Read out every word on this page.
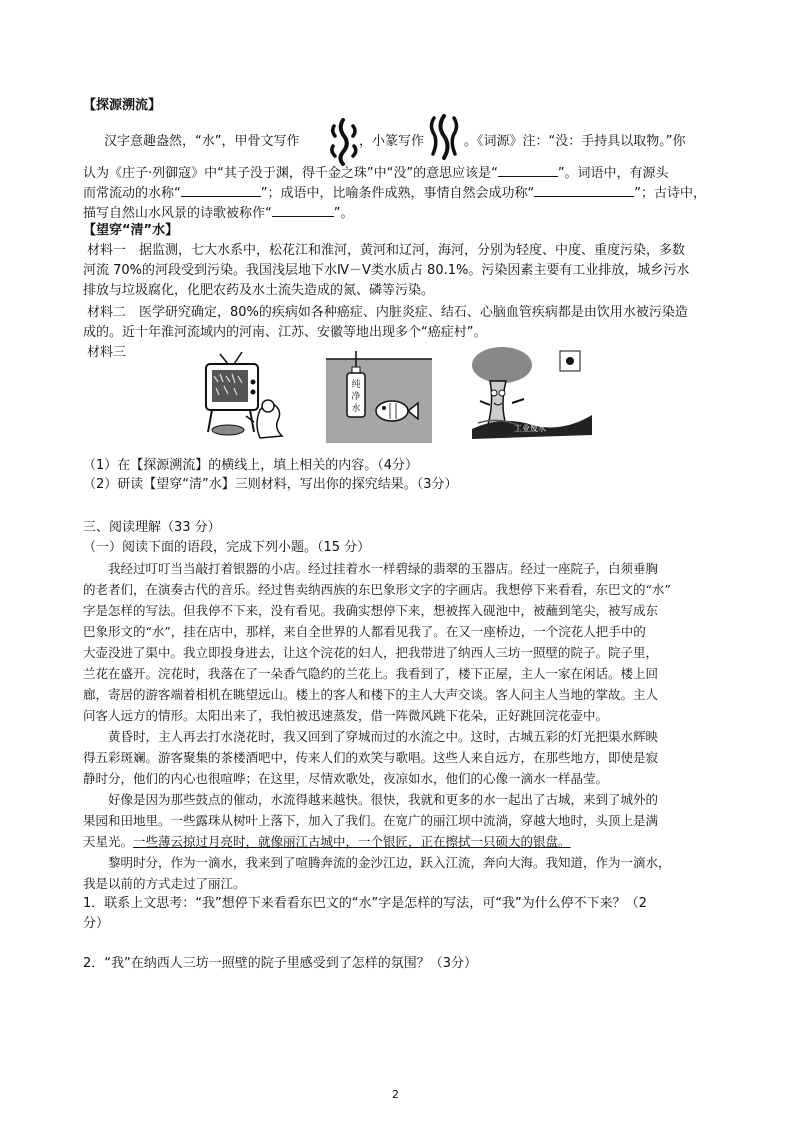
【探源溯流】
汉字意趣盎然，“水”，甲骨文写作	，小篆写作	。《词源》注：“没：手持具以取物。”你
认为《庄子·列御寇》中“其子没于渊，得千金之珠”中“没”的意思应该是“	”。词语中，有源头
而常流动的水称“	”；成语中，比喻条件成熟，事情自然会成功称“	”；古诗中，
描写自然山水风景的诗歌被称作“	”。
【望穿“清”水】
材料一　据监测，七大水系中，松花江和淮河，黄河和辽河，海河，分别为轻度、中度、重度污染，多数
河流 70%的河段受到污染。我国浅层地下水Ⅳ－Ⅴ类水质占 80.1%。污染因素主要有工业排放，城乡污水
排放与垃圾腐化，化肥农药及水土流失造成的氮、磷等污染。
材料二　医学研究确定，80%的疾病如各种癌症、内脏炎症、结石、心脑血管疾病都是由饮用水被污染造
成的。近十年淮河流域内的河南、江苏、安徽等地出现多个“癌症村”。
材料三
纯
净
水
工业废水
（1）在【探源溯流】的横线上，填上相关的内容。（4分）
（2）研读【望穿“清”水】三则材料，写出你的探究结果。（3分）
三、阅读理解（33 分）
（一）阅读下面的语段，完成下列小题。（15 分）
　　我经过叮叮当当敲打着银器的小店。经过挂着水一样碧绿的翡翠的玉器店。经过一座院子，白须垂胸
的老者们，在演奏古代的音乐。经过售卖纳西族的东巴象形文字的字画店。我想停下来看看，东巴文的“水”
字是怎样的写法。但我停不下来，没有看见。我确实想停下来，想被挥入砚池中，被蘸到笔尖，被写成东
巴象形文的“水”，挂在店中，那样，来自全世界的人都看见我了。在又一座桥边，一个浣花人把手中的
大壶没进了渠中。我立即投身进去，让这个浣花的妇人，把我带进了纳西人三坊一照壁的院子。院子里，
兰花在盛开。浣花时，我落在了一朵香气隐约的兰花上。我看到了，楼下正屋，主人一家在闲话。楼上回
廊，寄居的游客端着相机在眺望远山。楼上的客人和楼下的主人大声交谈。客人问主人当地的掌故。主人
问客人远方的情形。太阳出来了，我怕被迅速蒸发，借一阵微风跳下花朵，正好跳回浣花壶中。
　　黄昏时，主人再去打水浇花时，我又回到了穿城而过的水流之中。这时，古城五彩的灯光把渠水辉映
得五彩斑斓。游客聚集的茶楼酒吧中，传来人们的欢笑与歌唱。这些人来自远方，在那些地方，即使是寂
静时分，他们的内心也很喧哗；在这里，尽情欢歌处，夜凉如水，他们的心像一滴水一样晶莹。
　　好像是因为那些鼓点的催动，水流得越来越快。很快，我就和更多的水一起出了古城，来到了城外的
果园和田地里。一些露珠从树叶上落下，加入了我们。在宽广的丽江坝中流淌，穿越大地时，头顶上是满
天星光。一些薄云掠过月亮时，就像丽江古城中，一个银匠，正在擦拭一只硕大的银盘。
　　黎明时分，作为一滴水，我来到了喧腾奔流的金沙江边，跃入江流，奔向大海。我知道，作为一滴水，
我是以前的方式走过了丽江。
1．联系上文思考：“我”想停下来看看东巴文的“水”字是怎样的写法，可“我”为什么停不下来？（2
分）
2．“我”在纳西人三坊一照壁的院子里感受到了怎样的氛围？（3分）
2
